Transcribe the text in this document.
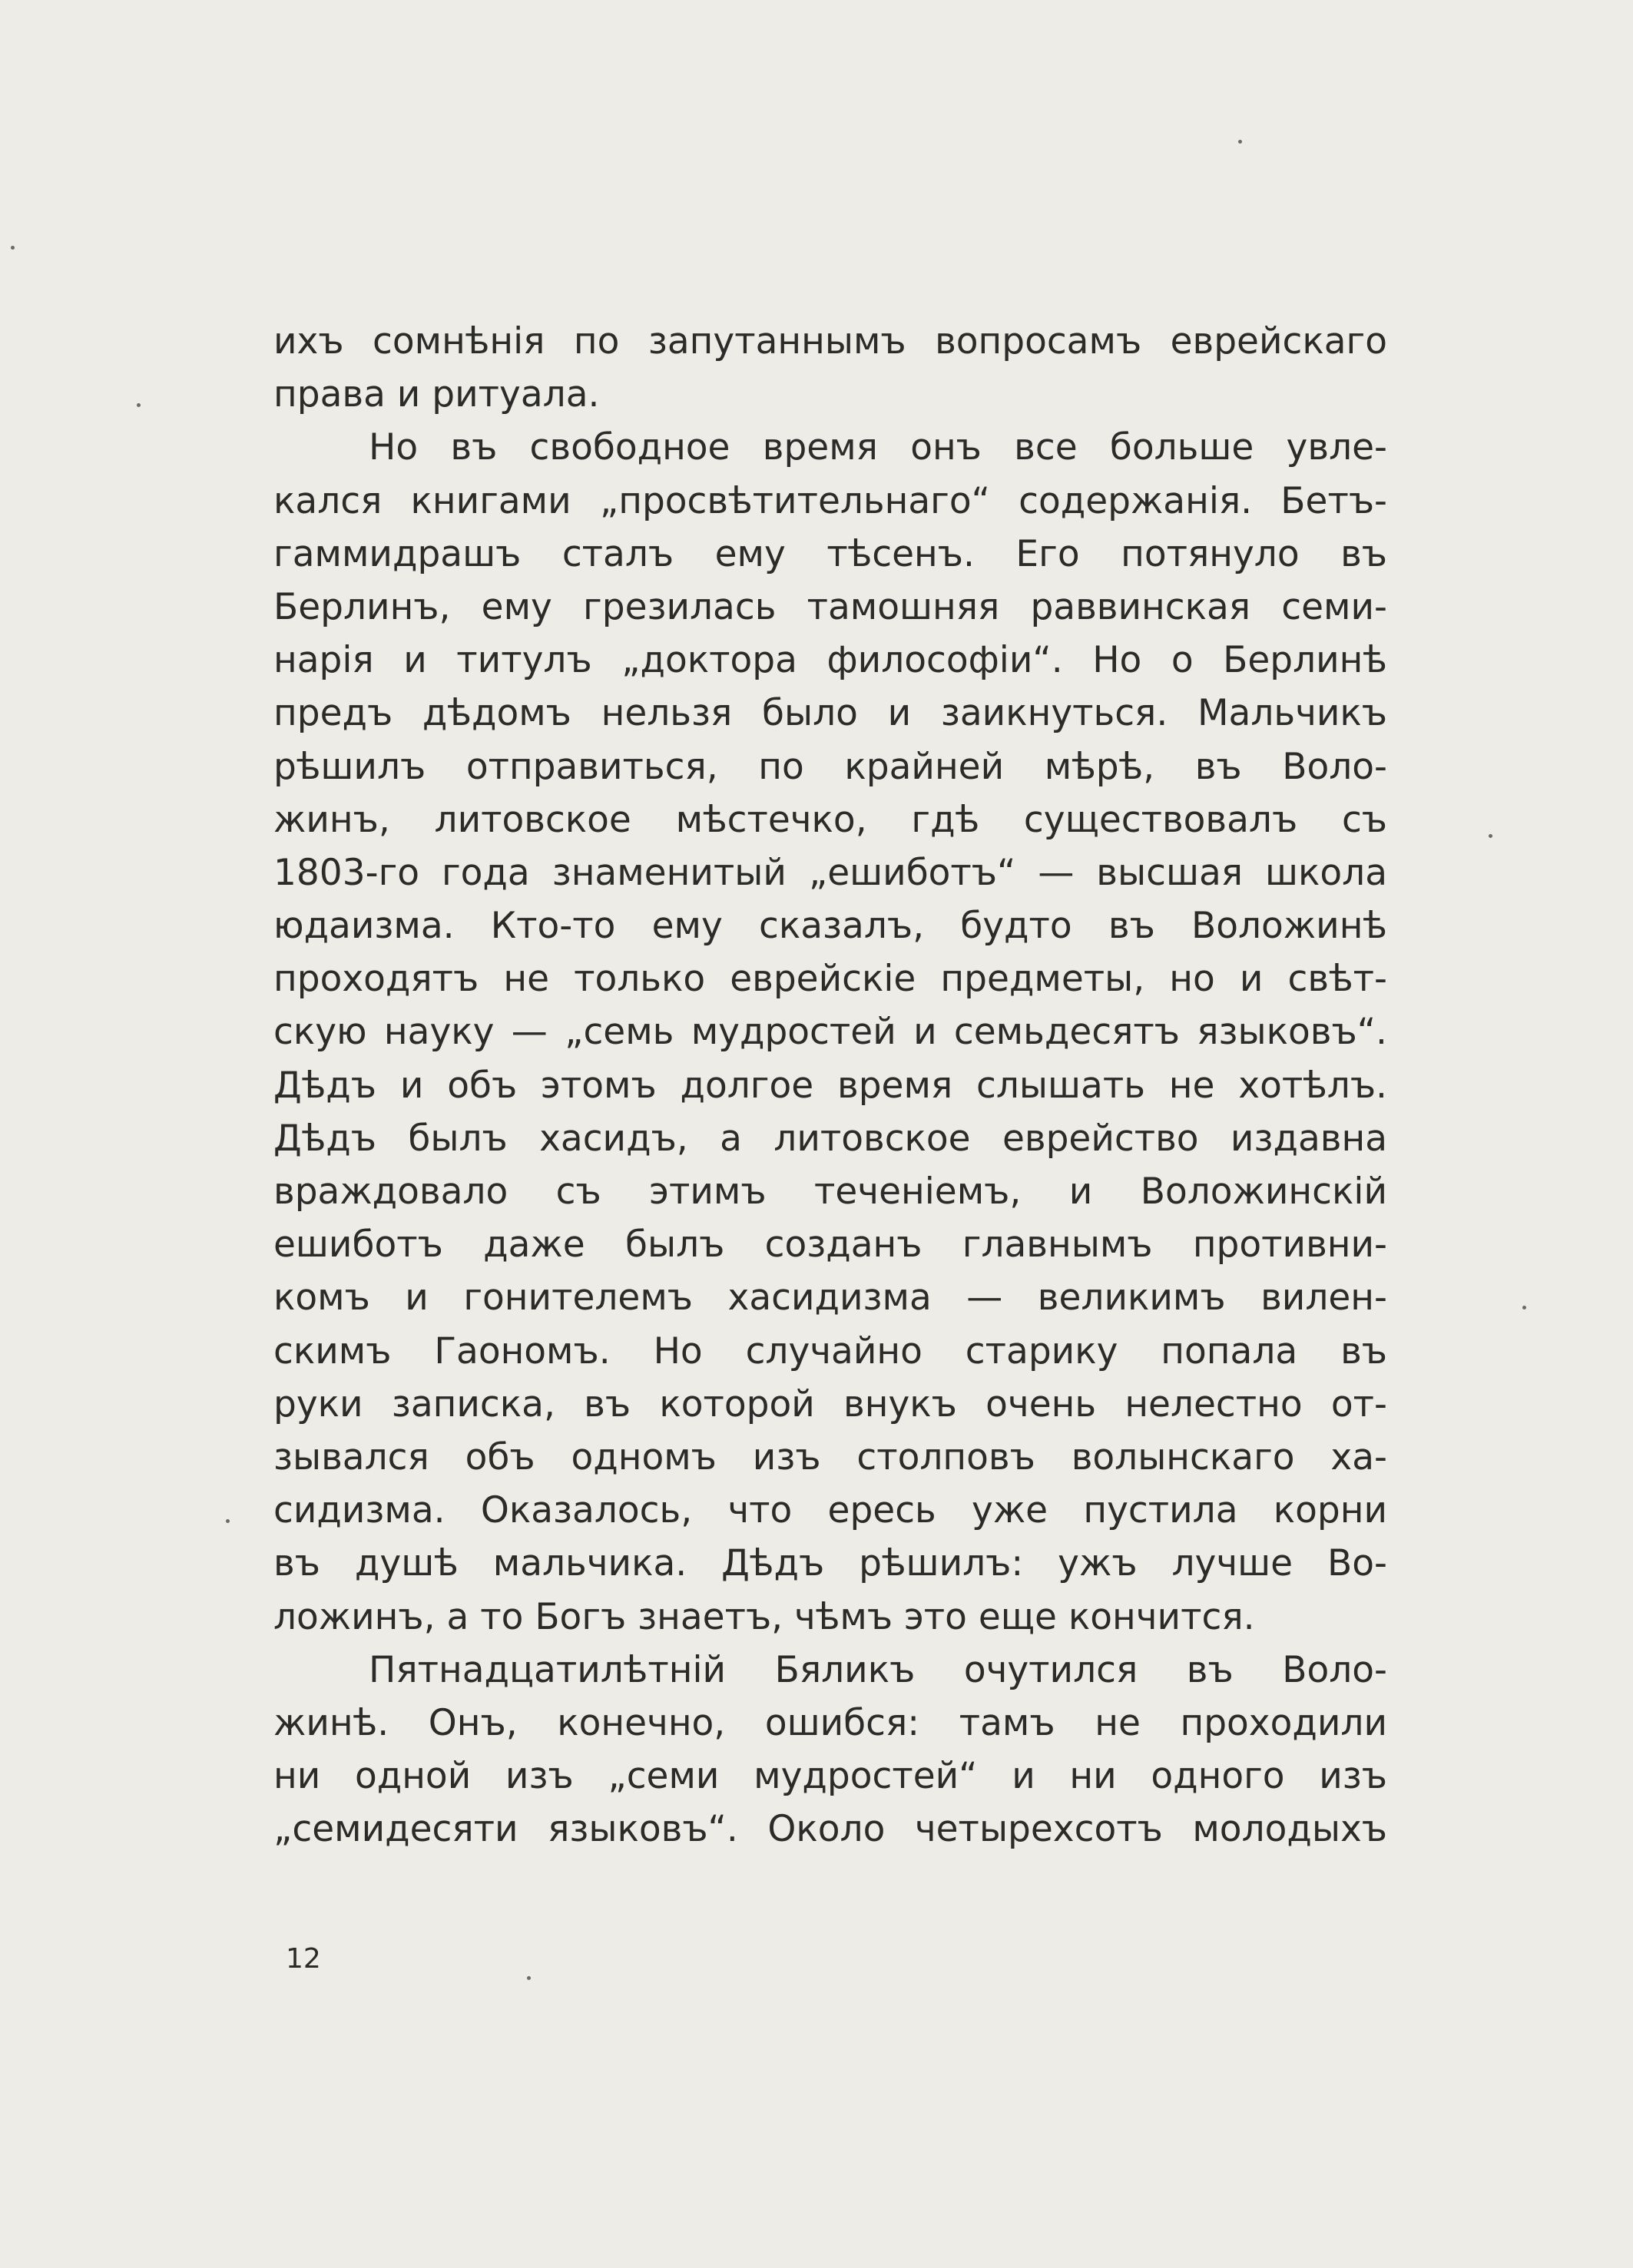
ихъ сомнѣнія по запутаннымъ вопросамъ еврейскаго
права и ритуала.
Но въ свободное время онъ все больше увле-
кался книгами „просвѣтительнаго“ содержанія. Бетъ-
гаммидрашъ сталъ ему тѣсенъ. Его потянуло въ
Берлинъ, ему грезилась тамошняя раввинская семи-
нарія и титулъ „доктора философіи“. Но о Берлинѣ
предъ дѣдомъ нельзя было и заикнуться. Мальчикъ
рѣшилъ отправиться, по крайней мѣрѣ, въ Воло-
жинъ, литовское мѣстечко, гдѣ существовалъ съ
1803-го года знаменитый „ешиботъ“ — высшая школа
юдаизма. Кто-то ему сказалъ, будто въ Воложинѣ
проходятъ не только еврейскіе предметы, но и свѣт-
скую науку — „семь мудростей и семьдесятъ языковъ“.
Дѣдъ и объ этомъ долгое время слышать не хотѣлъ.
Дѣдъ былъ хасидъ, а литовское еврейство издавна
враждовало съ этимъ теченіемъ, и Воложинскій
ешиботъ даже былъ созданъ главнымъ противни-
комъ и гонителемъ хасидизма — великимъ вилен-
скимъ Гаономъ. Но случайно старику попала въ
руки записка, въ которой внукъ очень нелестно от-
зывался объ одномъ изъ столповъ волынскаго ха-
сидизма. Оказалось, что ересь уже пустила корни
въ душѣ мальчика. Дѣдъ рѣшилъ: ужъ лучше Во-
ложинъ, а то Богъ знаетъ, чѣмъ это еще кончится.
Пятнадцатилѣтній Бяликъ очутился въ Воло-
жинѣ. Онъ, конечно, ошибся: тамъ не проходили
ни одной изъ „семи мудростей“ и ни одного изъ
„семидесяти языковъ“. Около четырехсотъ молодыхъ
12
